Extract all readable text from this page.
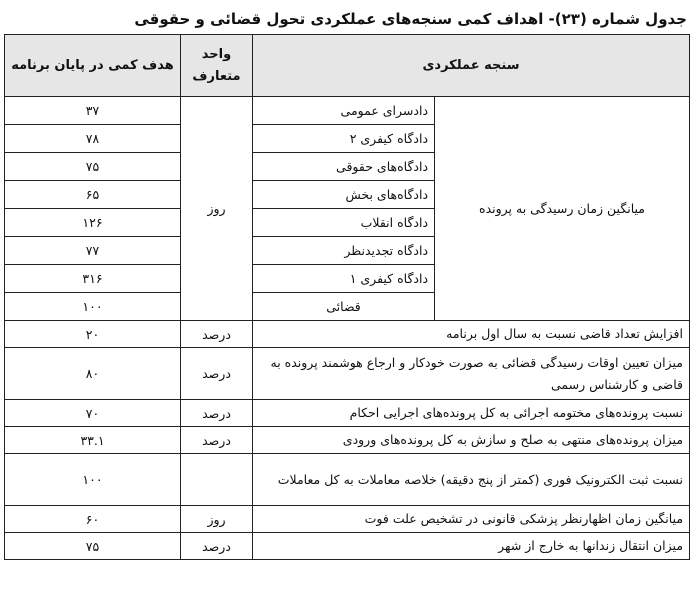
جدول شماره (۲۳)- اهداف کمی سنجه‌های عملکردی تحول قضائی و حقوقی
سنجه عملکردی		واحد متعارف	هدف کمی در پایان برنامه
میانگین زمان رسیدگی به پرونده	دادسرای عمومی	روز	۳۷
	دادگاه کیفری ۲		۷۸
	دادگاه‌های حقوقی		۷۵
	دادگاه‌های بخش		۶۵
	دادگاه انقلاب		۱۲۶
	دادگاه تجدیدنظر		۷۷
	دادگاه کیفری ۱		۳۱۶
	قضائی		۱۰۰
افزایش تعداد قاضی نسبت به سال اول برنامه		درصد	۲۰
میزان تعیین اوقات رسیدگی قضائی به صورت خودکار و ارجاع هوشمند پرونده به قاضی و کارشناس رسمی		درصد	۸۰
نسبت پرونده‌های مختومه اجرائی به کل پرونده‌های اجرایی احکام		درصد	۷۰
میزان پرونده‌های منتهی به صلح و سازش به کل پرونده‌های ورودی		درصد	۳۳.۱
نسبت ثبت الکترونیک فوری (کمتر از پنج دقیقه) خلاصه معاملات به کل معاملات			۱۰۰
میانگین زمان اظهارنظر پزشکی قانونی در تشخیص علت فوت		روز	۶۰
میزان انتقال زندانها به خارج از شهر		درصد	۷۵
